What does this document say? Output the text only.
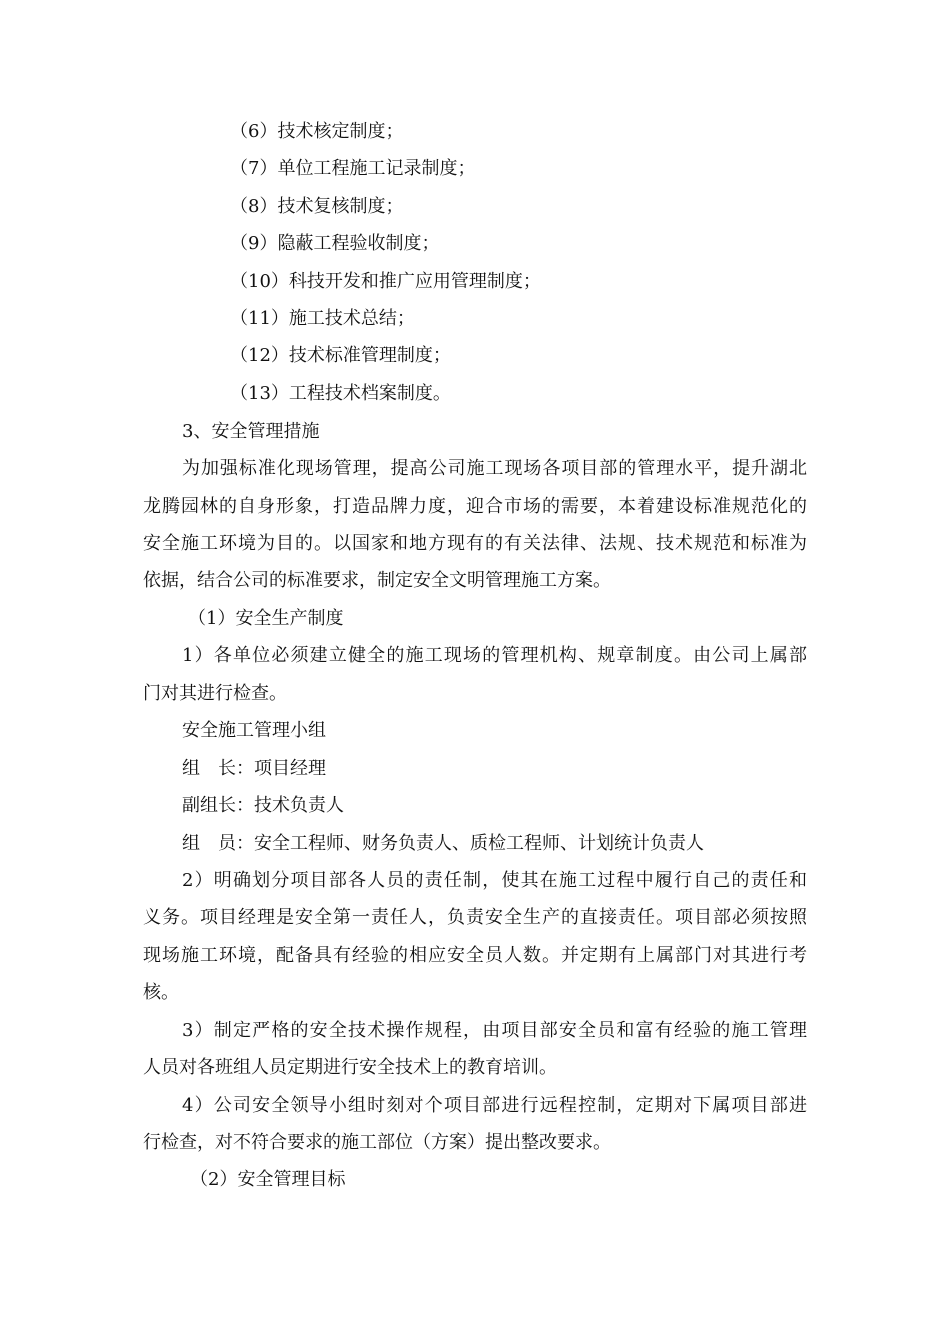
（6）技术核定制度；
（7）单位工程施工记录制度；
（8）技术复核制度；
（9）隐蔽工程验收制度；
（10）科技开发和推广应用管理制度；
（11）施工技术总结；
（12）技术标准管理制度；
（13）工程技术档案制度。
3、安全管理措施
为加强标准化现场管理，提高公司施工现场各项目部的管理水平，提升湖北
龙腾园林的自身形象，打造品牌力度，迎合市场的需要，本着建设标准规范化的
安全施工环境为目的。以国家和地方现有的有关法律、法规、技术规范和标准为
依据，结合公司的标准要求，制定安全文明管理施工方案。
（1）安全生产制度
1）各单位必须建立健全的施工现场的管理机构、规章制度。由公司上属部
门对其进行检查。
安全施工管理小组
组　长：项目经理
副组长：技术负责人
组　员：安全工程师、财务负责人、质检工程师、计划统计负责人
2）明确划分项目部各人员的责任制，使其在施工过程中履行自己的责任和
义务。项目经理是安全第一责任人，负责安全生产的直接责任。项目部必须按照
现场施工环境，配备具有经验的相应安全员人数。并定期有上属部门对其进行考
核。
3）制定严格的安全技术操作规程，由项目部安全员和富有经验的施工管理
人员对各班组人员定期进行安全技术上的教育培训。
4）公司安全领导小组时刻对个项目部进行远程控制，定期对下属项目部进
行检查，对不符合要求的施工部位（方案）提出整改要求。
（2）安全管理目标
